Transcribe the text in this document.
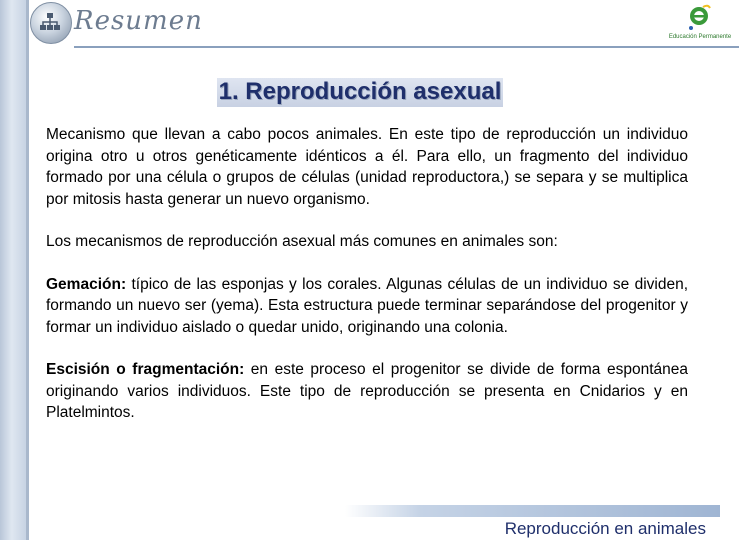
Resumen
Educación Permanente
1. Reproducción asexual

Mecanismo que llevan a cabo pocos animales. En este tipo de reproducción un individuo origina otro u otros genéticamente idénticos a él. Para ello, un fragmento del individuo formado por una célula o grupos de células (unidad reproductora,) se separa y se multiplica por mitosis hasta generar un nuevo organismo.

Los mecanismos de reproducción asexual más comunes en animales son:

Gemación: típico de las esponjas y los corales. Algunas células de un individuo se dividen, formando un nuevo ser (yema). Esta estructura puede terminar separándose del progenitor y formar un individuo aislado o quedar unido, originando una colonia.

Escisión o fragmentación: en este proceso el progenitor se divide de forma espontánea originando varios individuos. Este tipo de reproducción se presenta en Cnidarios y en Platelmintos.

Reproducción en animales
